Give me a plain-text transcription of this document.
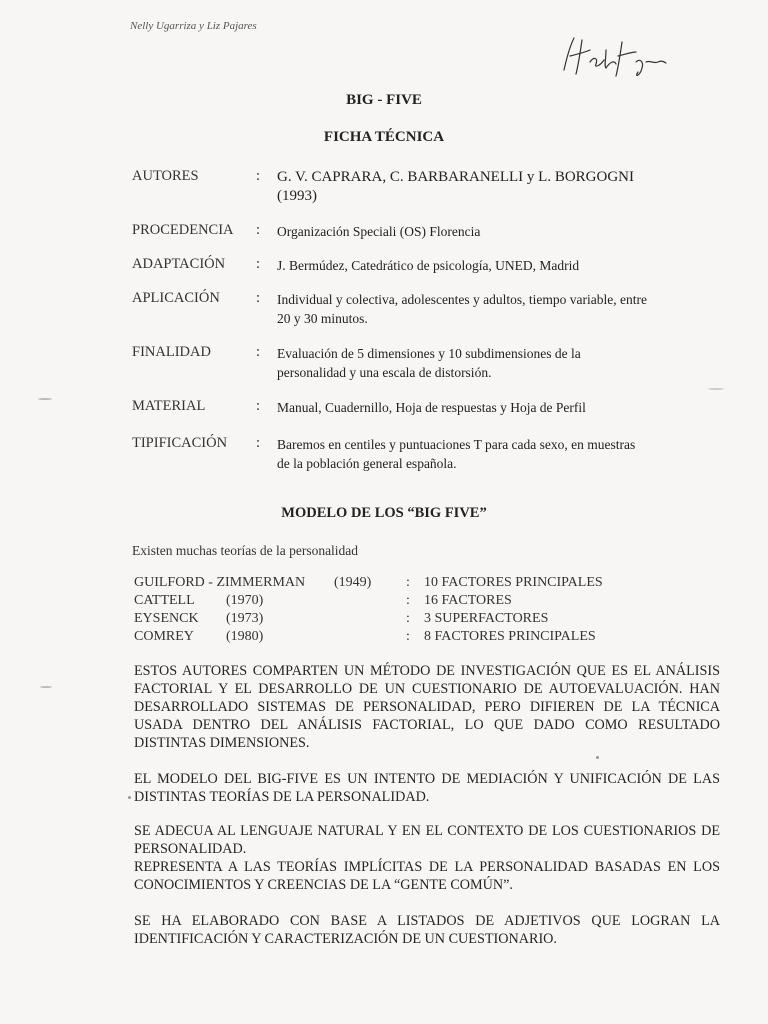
Nelly Ugarriza y Liz Pajares
BIG - FIVE
FICHA TÉCNICA
AUTORES	: G. V. CAPRARA, C. BARBARANELLI y L. BORGOGNI (1993)
PROCEDENCIA : Organización Speciali (OS) Florencia
ADAPTACIÓN : J. Bermúdez, Catedrático de psicología, UNED, Madrid
APLICACIÓN : Individual y colectiva, adolescentes y adultos, tiempo variable, entre 20 y 30 minutos.
FINALIDAD	: Evaluación de 5 dimensiones y 10 subdimensiones de la personalidad y una escala de distorsión.
MATERIAL	: Manual, Cuadernillo, Hoja de respuestas y Hoja de Perfil
TIPIFICACIÓN : Baremos en centiles y puntuaciones T para cada sexo, en muestras de la población general española.
MODELO DE LOS “BIG FIVE”
Existen muchas teorías de la personalidad
GUILFORD - ZIMMERMAN (1949) : 10 FACTORES PRINCIPALES
CATTELL (1970)	: 16 FACTORES
EYSENCK (1973)	: 3 SUPERFACTORES
COMREY (1980)	: 8 FACTORES PRINCIPALES

ESTOS AUTORES COMPARTEN UN MÉTODO DE INVESTIGACIÓN QUE ES EL ANÁLISIS FACTORIAL Y EL DESARROLLO DE UN CUESTIONARIO DE AUTOEVALUACIÓN. HAN DESARROLLADO SISTEMAS DE PERSONALIDAD, PERO DIFIEREN DE LA TÉCNICA USADA DENTRO DEL ANÁLISIS FACTORIAL, LO QUE DADO COMO RESULTADO DISTINTAS DIMENSIONES.

EL MODELO DEL BIG-FIVE ES UN INTENTO DE MEDIACIÓN Y UNIFICACIÓN DE LAS DISTINTAS TEORÍAS DE LA PERSONALIDAD.

SE ADECUA AL LENGUAJE NATURAL Y EN EL CONTEXTO DE LOS CUESTIONARIOS DE PERSONALIDAD.

REPRESENTA A LAS TEORÍAS IMPLÍCITAS DE LA PERSONALIDAD BASADAS EN LOS CONOCIMIENTOS Y CREENCIAS DE LA “GENTE COMÚN”.

SE HA ELABORADO CON BASE A LISTADOS DE ADJETIVOS QUE LOGRAN LA IDENTIFICACIÓN Y CARACTERIZACIÓN DE UN CUESTIONARIO.
